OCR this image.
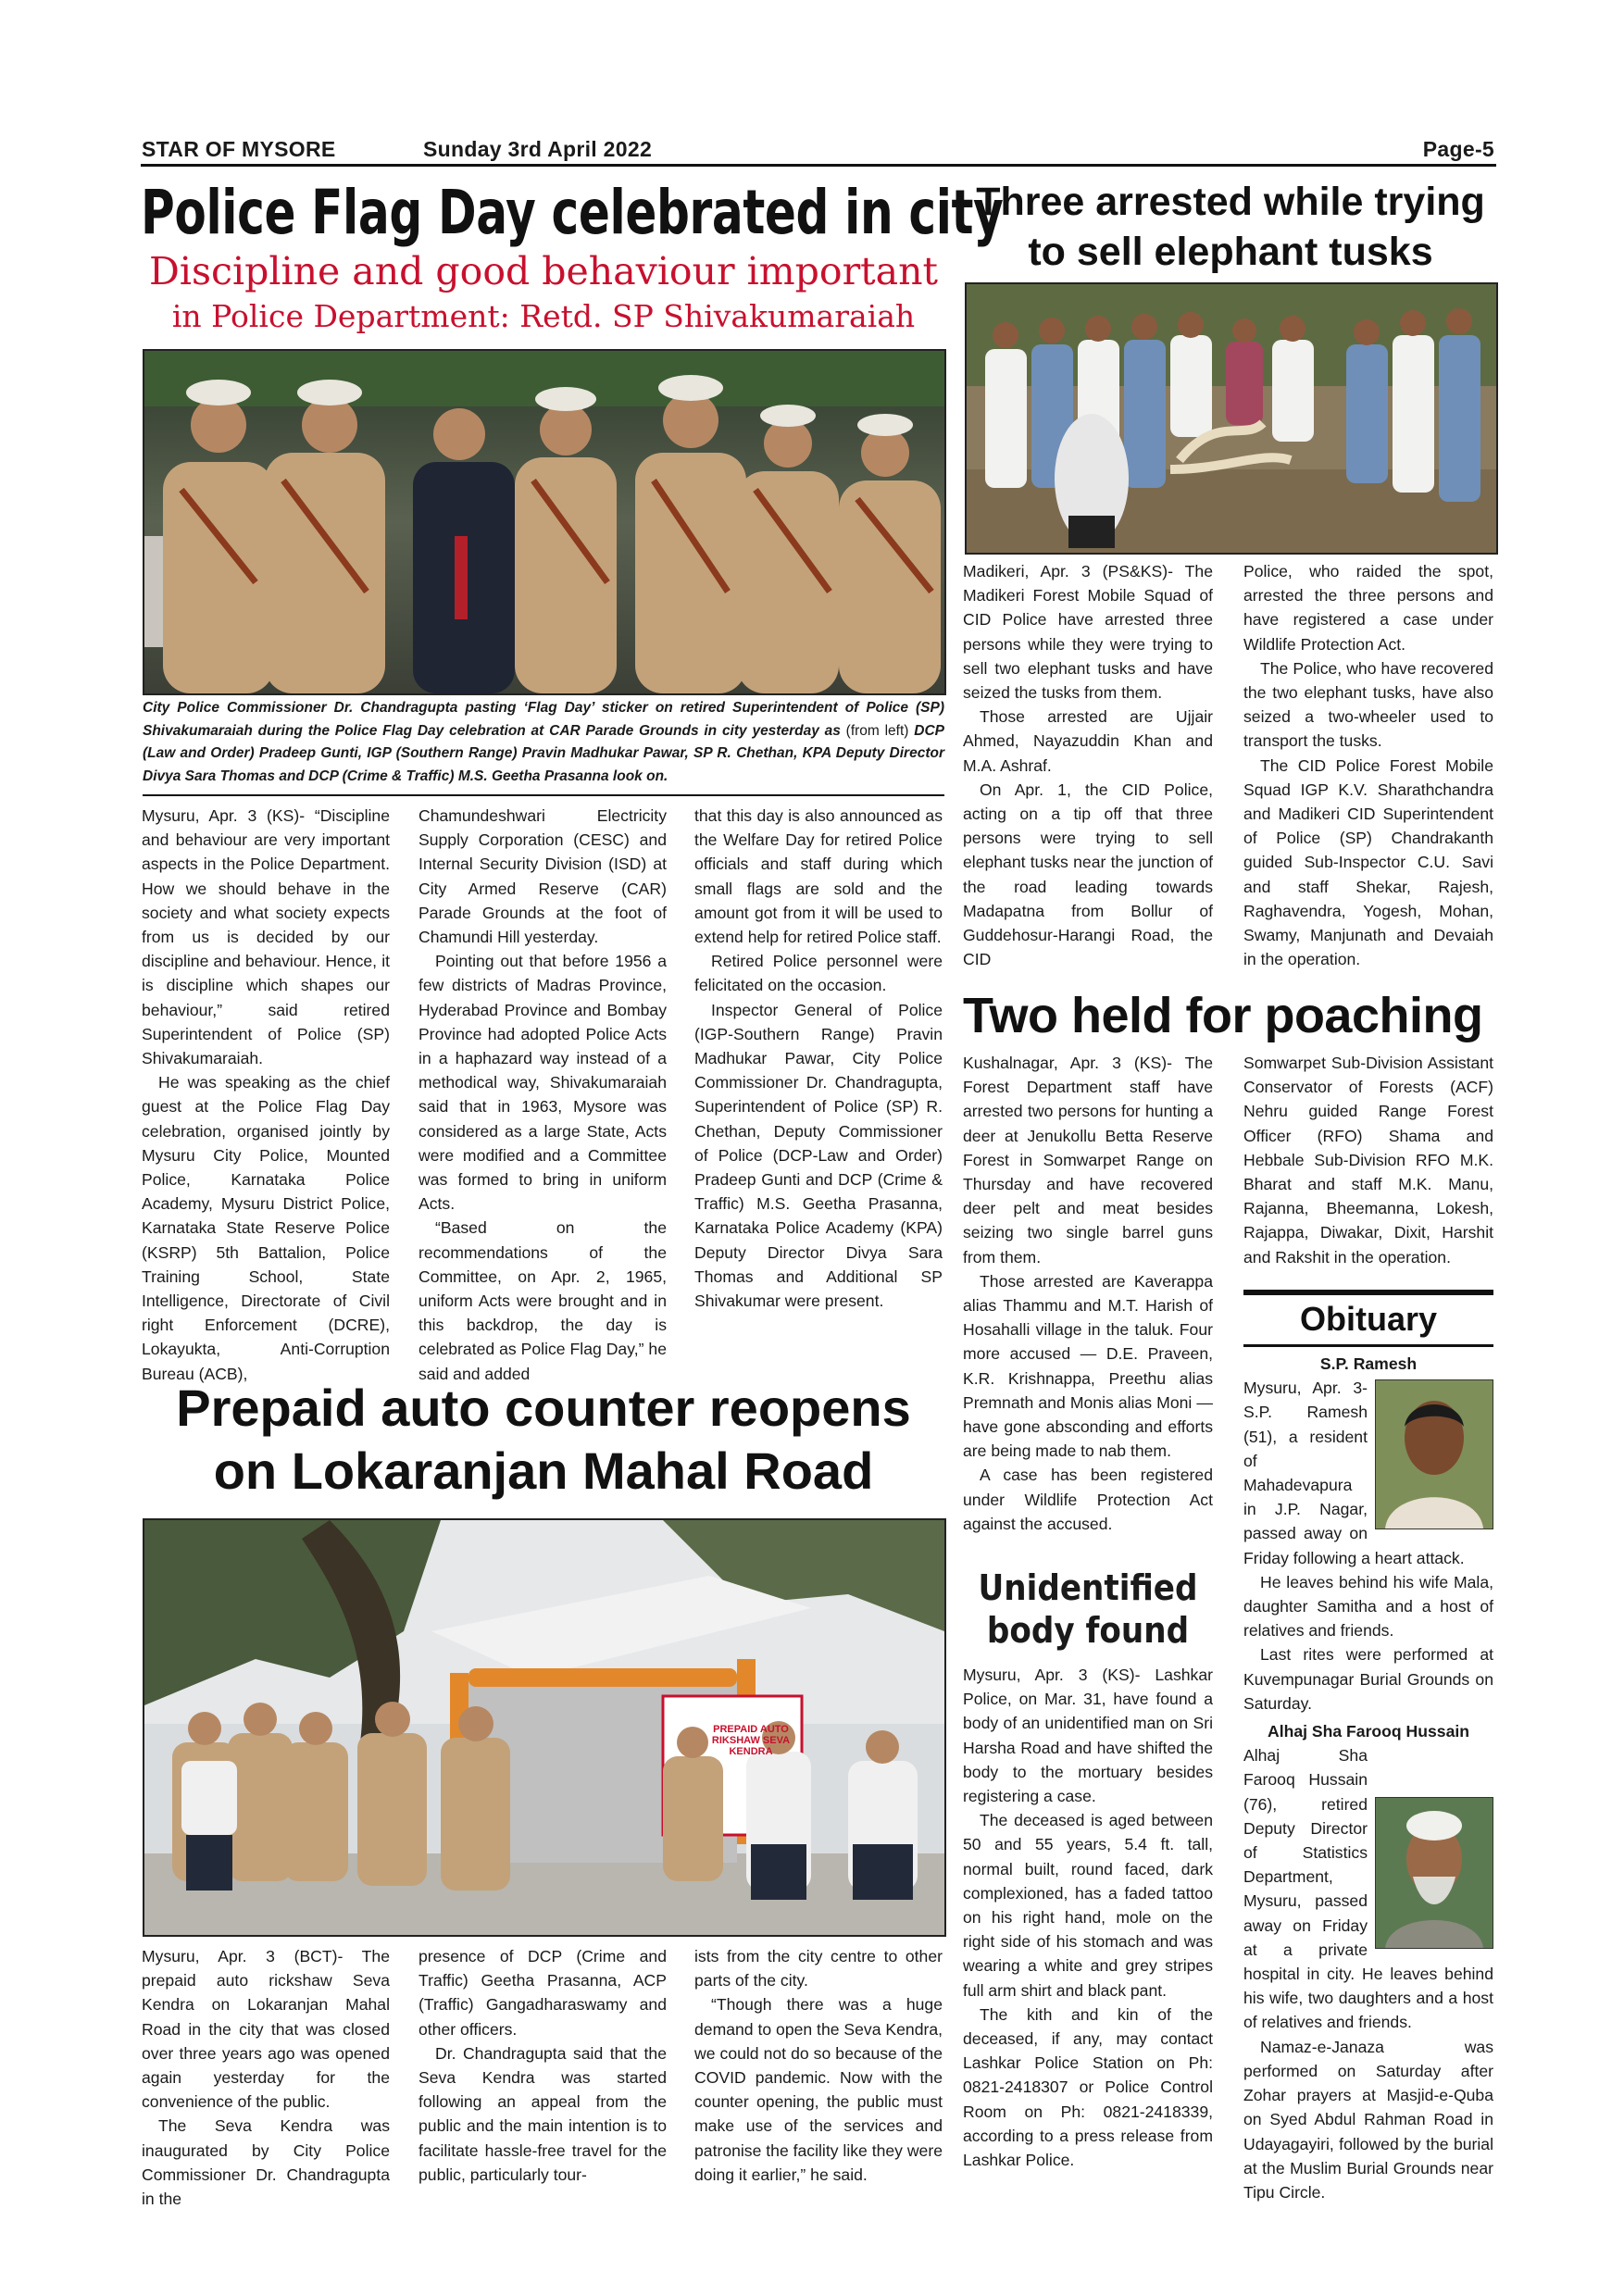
STAR OF MYSORE	Sunday 3rd April 2022	Page-5
Police Flag Day celebrated in city
Discipline and good behaviour important
in Police Department: Retd. SP Shivakumaraiah
City Police Commissioner Dr. Chandragupta pasting ‘Flag Day’ sticker on retired Superintendent of Police (SP) Shivakumaraiah during the Police Flag Day celebration at CAR Parade Grounds in city yesterday as (from left) DCP (Law and Order) Pradeep Gunti, IGP (Southern Range) Pravin Madhukar Pawar, SP R. Chethan, KPA Deputy Director Divya Sara Thomas and DCP (Crime & Traffic) M.S. Geetha Prasanna look on.

Mysuru, Apr. 3 (KS)- “Discipline and behaviour are very important aspects in the Police Department. How we should behave in the society and what society expects from us is decided by our discipline and behaviour. Hence, it is discipline which shapes our behaviour,” said retired Superintendent of Police (SP) Shivakumaraiah.

He was speaking as the chief guest at the Police Flag Day celebration, organised jointly by Mysuru City Police, Mounted Police, Karnataka Police Academy, Mysuru District Police, Karnataka State Reserve Police (KSRP) 5th Battalion, Police Training School, State Intelligence, Directorate of Civil right Enforcement (DCRE), Lokayukta, Anti-Corruption Bureau (ACB),

Chamundeshwari Electricity Supply Corporation (CESC) and Internal Security Division (ISD) at City Armed Reserve (CAR) Parade Grounds at the foot of Chamundi Hill yesterday.

Pointing out that before 1956 a few districts of Madras Province, Hyderabad Province and Bombay Province had adopted Police Acts in a haphazard way instead of a methodical way, Shivakumaraiah said that in 1963, Mysore was considered as a large State, Acts were modified and a Committee was formed to bring in uniform Acts.

“Based on the recommendations of the Committee, on Apr. 2, 1965, uniform Acts were brought and in this backdrop, the day is celebrated as Police Flag Day,” he said and added

that this day is also announced as the Welfare Day for retired Police officials and staff during which small flags are sold and the amount got from it will be used to extend help for retired Police staff.

Retired Police personnel were felicitated on the occasion.

Inspector General of Police (IGP-Southern Range) Pravin Madhukar Pawar, City Police Commissioner Dr. Chandragupta, Superintendent of Police (SP) R. Chethan, Deputy Commissioner of Police (DCP-Law and Order) Pradeep Gunti and DCP (Crime & Traffic) M.S. Geetha Prasanna, Karnataka Police Academy (KPA) Deputy Director Divya Sara Thomas and Additional SP Shivakumar were present.

Prepaid auto counter reopens
on Lokaranjan Mahal Road
PREPAID AUTO RIKSHAW SEVA KENDRA

Mysuru, Apr. 3 (BCT)- The prepaid auto rickshaw Seva Kendra on Lokaranjan Mahal Road in the city that was closed over three years ago was opened again yesterday for the convenience of the public.

The Seva Kendra was inaugurated by City Police Commissioner Dr. Chandragupta in the

presence of DCP (Crime and Traffic) Geetha Prasanna, ACP (Traffic) Gangadharaswamy and other officers.

Dr. Chandragupta said that the Seva Kendra was started following an appeal from the public and the main intention is to facilitate hassle-free travel for the public, particularly tour-

ists from the city centre to other parts of the city.

“Though there was a huge demand to open the Seva Kendra, we could not do so because of the COVID pandemic. Now with the counter opening, the public must make use of the services and patronise the facility like they were doing it earlier,” he said.

Three arrested while trying
to sell elephant tusks

Madikeri, Apr. 3 (PS&KS)- The Madikeri Forest Mobile Squad of CID Police have arrested three persons while they were trying to sell two elephant tusks and have seized the tusks from them.

Those arrested are Ujjair Ahmed, Nayazuddin Khan and M.A. Ashraf.

On Apr. 1, the CID Police, acting on a tip off that three persons were trying to sell elephant tusks near the junction of the road leading towards Madapatna from Bollur of Guddehosur-Harangi Road, the CID

Police, who raided the spot, arrested the three persons and have registered a case under Wildlife Protection Act.

The Police, who have recovered the two elephant tusks, have also seized a two-wheeler used to transport the tusks.

The CID Police Forest Mobile Squad IGP K.V. Sharathchandra and Madikeri CID Superintendent of Police (SP) Chandrakanth guided Sub-Inspector C.U. Savi and staff Shekar, Rajesh, Raghavendra, Yogesh, Mohan, Swamy, Manjunath and Devaiah in the operation.

Two held for poaching

Kushalnagar, Apr. 3 (KS)- The Forest Department staff have arrested two persons for hunting a deer at Jenukollu Betta Reserve Forest in Somwarpet Range on Thursday and have recovered deer pelt and meat besides seizing two single barrel guns from them.

Those arrested are Kaverappa alias Thammu and M.T. Harish of Hosahalli village in the taluk. Four more accused — D.E. Praveen, K.R. Krishnappa, Preethu alias Premnath and Monis alias Moni — have gone absconding and efforts are being made to nab them.

A case has been registered under Wildlife Protection Act against the accused.

Somwarpet Sub-Division Assistant Conservator of Forests (ACF) Nehru guided Range Forest Officer (RFO) Shama and Hebbale Sub-Division RFO M.K. Bharat and staff M.K. Manu, Rajanna, Bheemanna, Lokesh, Rajappa, Diwakar, Dixit, Harshit and Rakshit in the operation.

Unidentified
body found

Mysuru, Apr. 3 (KS)- Lashkar Police, on Mar. 31, have found a body of an unidentified man on Sri Harsha Road and have shifted the body to the mortuary besides registering a case.

The deceased is aged between 50 and 55 years, 5.4 ft. tall, normal built, round faced, dark complexioned, has a faded tattoo on his right hand, mole on the right side of his stomach and was wearing a white and grey stripes full arm shirt and black pant.

The kith and kin of the deceased, if any, may contact Lashkar Police Station on Ph: 0821-2418307 or Police Control Room on Ph: 0821-2418339, according to a press release from Lashkar Police.

Obituary
S.P. Ramesh

Mysuru, Apr. 3- S.P. Ramesh (51), a resident of Mahadevapura in J.P. Nagar, passed away on Friday following a heart attack.

He leaves behind his wife Mala, daughter Samitha and a host of relatives and friends.

Last rites were performed at Kuvempunagar Burial Grounds on Saturday.

Alhaj Sha Farooq Hussain

Alhaj Sha Farooq Hussain (76), retired Deputy Director of Statistics Department, Mysuru, passed away on Friday at a private hospital in city. He leaves behind his wife, two daughters and a host of relatives and friends.

Namaz-e-Janaza was performed on Saturday after Zohar prayers at Masjid-e-Quba on Syed Abdul Rahman Road in Udayagayiri, followed by the burial at the Muslim Burial Grounds near Tipu Circle.
